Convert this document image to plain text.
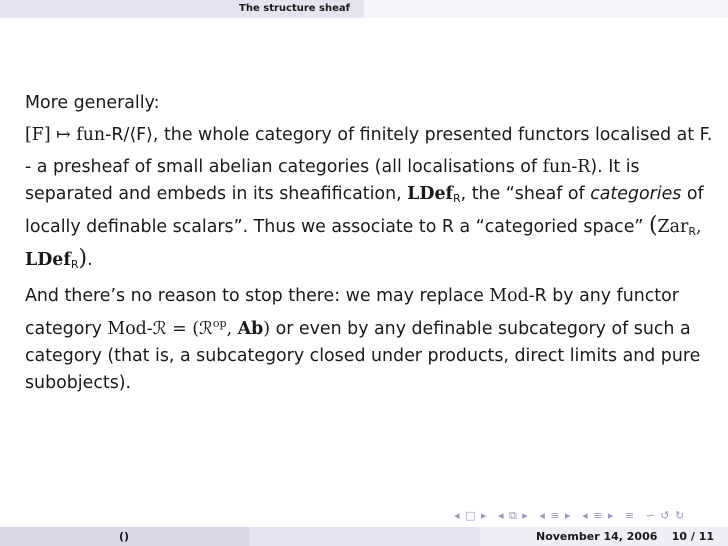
The structure sheaf

More generally:

[F] ↦ fun-R/⟨F⟩, the whole category of finitely presented functors localised at F.

- a presheaf of small abelian categories (all localisations of fun-R). It is separated and embeds in its sheafification, LDef$_R$, the “sheaf of categories of locally definable scalars”. Thus we associate to R a “categoried space” (Zar$_R$, LDef$_R$).

And there’s no reason to stop there: we may replace Mod-R by any functor category Mod-ℛ = (ℛ$^{op}$, Ab) or even by any definable subcategory of such a category (that is, a subcategory closed under products, direct limits and pure subobjects).

◂ □ ▸ ◂ ⧉ ▸ ◂ ≡ ▸ ◂ ≡ ▸ ≡ ∽ ↺ ↻
()	November 14, 2006 10 / 11
